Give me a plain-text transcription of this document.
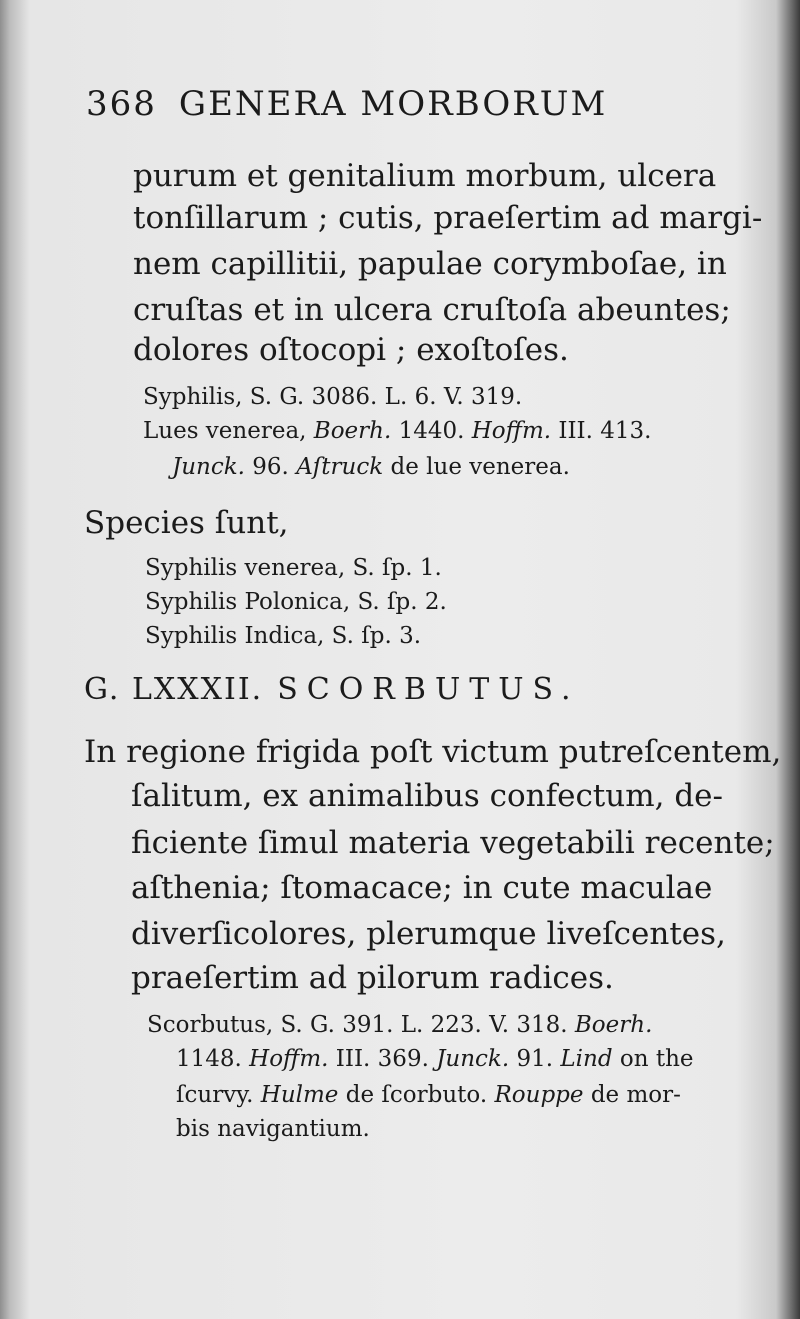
368 GENERA MORBORUM
purum et genitalium morbum, ulcera
tonſillarum ; cutis, praeſertim ad margi-
nem capillitii, papulae corymboſae, in
cruſtas et in ulcera cruſtoſa abeuntes;
dolores oſtocopi ; exoſtoſes.
Syphilis, S. G. 3086. L. 6. V. 319.
Lues venerea, Boerh. 1440. Hoffm. III. 413.
Junck. 96. Aſtruck de lue venerea.
Species ſunt,
Syphilis venerea, S. ſp. 1.
Syphilis Polonica, S. ſp. 2.
Syphilis Indica, S. ſp. 3.
G. LXXXII. SCORBUTUS.
In regione frigida poſt victum putreſcentem,
ſalitum, ex animalibus confectum, de-
ficiente ſimul materia vegetabili recente;
aſthenia; ſtomacace; in cute maculae
diverſicolores, plerumque liveſcentes,
praeſertim ad pilorum radices.
Scorbutus, S. G. 391. L. 223. V. 318. Boerh.
1148. Hoffm. III. 369. Junck. 91. Lind on the
ſcurvy. Hulme de ſcorbuto. Rouppe de mor-
bis navigantium.
